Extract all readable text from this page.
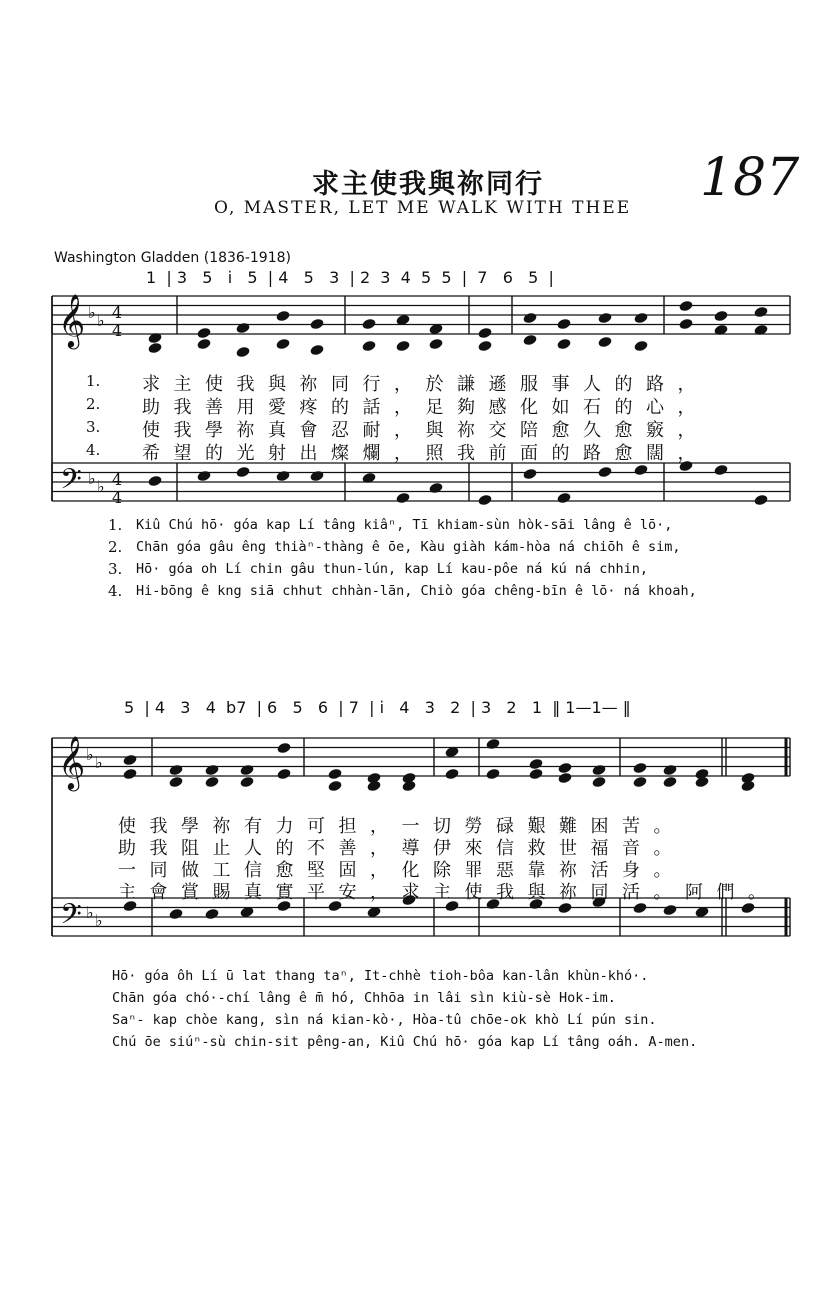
187
求主使我與祢同行
O, MASTER, LET ME WALK WITH THEE
Washington Gladden (1836-1918)
𝄞
𝄢
♭ ♭
♭ ♭
4
4
4
4
𝄞
𝄢
♭ ♭
♭ ♭
1  | 3   5   i̇   5  | 4   5   3  | 2  3  4  5  5  |  7   6   5  |
1.
2.
3.
4.
求主使我與祢同行，於謙遜服事人的路，
助我善用愛疼的話，足夠感化如石的心，
使我學祢真會忍耐，與祢交陪愈久愈竅，
希望的光射出燦爛，照我前面的路愈闊，
1.
2.
3.
4.
Kiû Chú hō· góa kap Lí tâng kiâⁿ, Tī khiam-sùn hòk-sāi lâng ê lō·,
Chān góa gâu êng thiàⁿ-thàng ê ōe, Kàu giàh kám-hòa ná chiōh ê sim,
Hō· góa oh Lí chin gâu thun-lún, kap Lí kau-pôe ná kú ná chhin,
Hi-bōng ê kng siā chhut chhàn-lān, Chiò góa chêng-bīn ê lō· ná khoah,
5  | 4   3   4  b7  | 6   5   6  | 7  | i̇   4   3   2  | 3   2   1  ‖ 1—1— ‖
使我學祢有力可担，一切勞碌艱難困苦。
助我阻止人的不善，導伊來信救世福音。
一同做工信愈堅固，化除罪惡靠祢活身。
主會賞賜真實平安，求主使我與祢同活。阿們。
Hō· góa ôh Lí ū lat thang taⁿ, It-chhè tioh-bôa kan-lân khùn-khó·.
Chān góa chó·-chí lâng ê m̄ hó, Chhōa in lâi sìn kiù-sè Hok-im.
Saⁿ- kap chòe kang, sìn ná kian-kò·, Hòa-tû chōe-ok khò Lí pún sin.
Chú ōe siúⁿ-sù chin-sit pêng-an, Kiû Chú hō· góa kap Lí tâng oáh. A-men.
